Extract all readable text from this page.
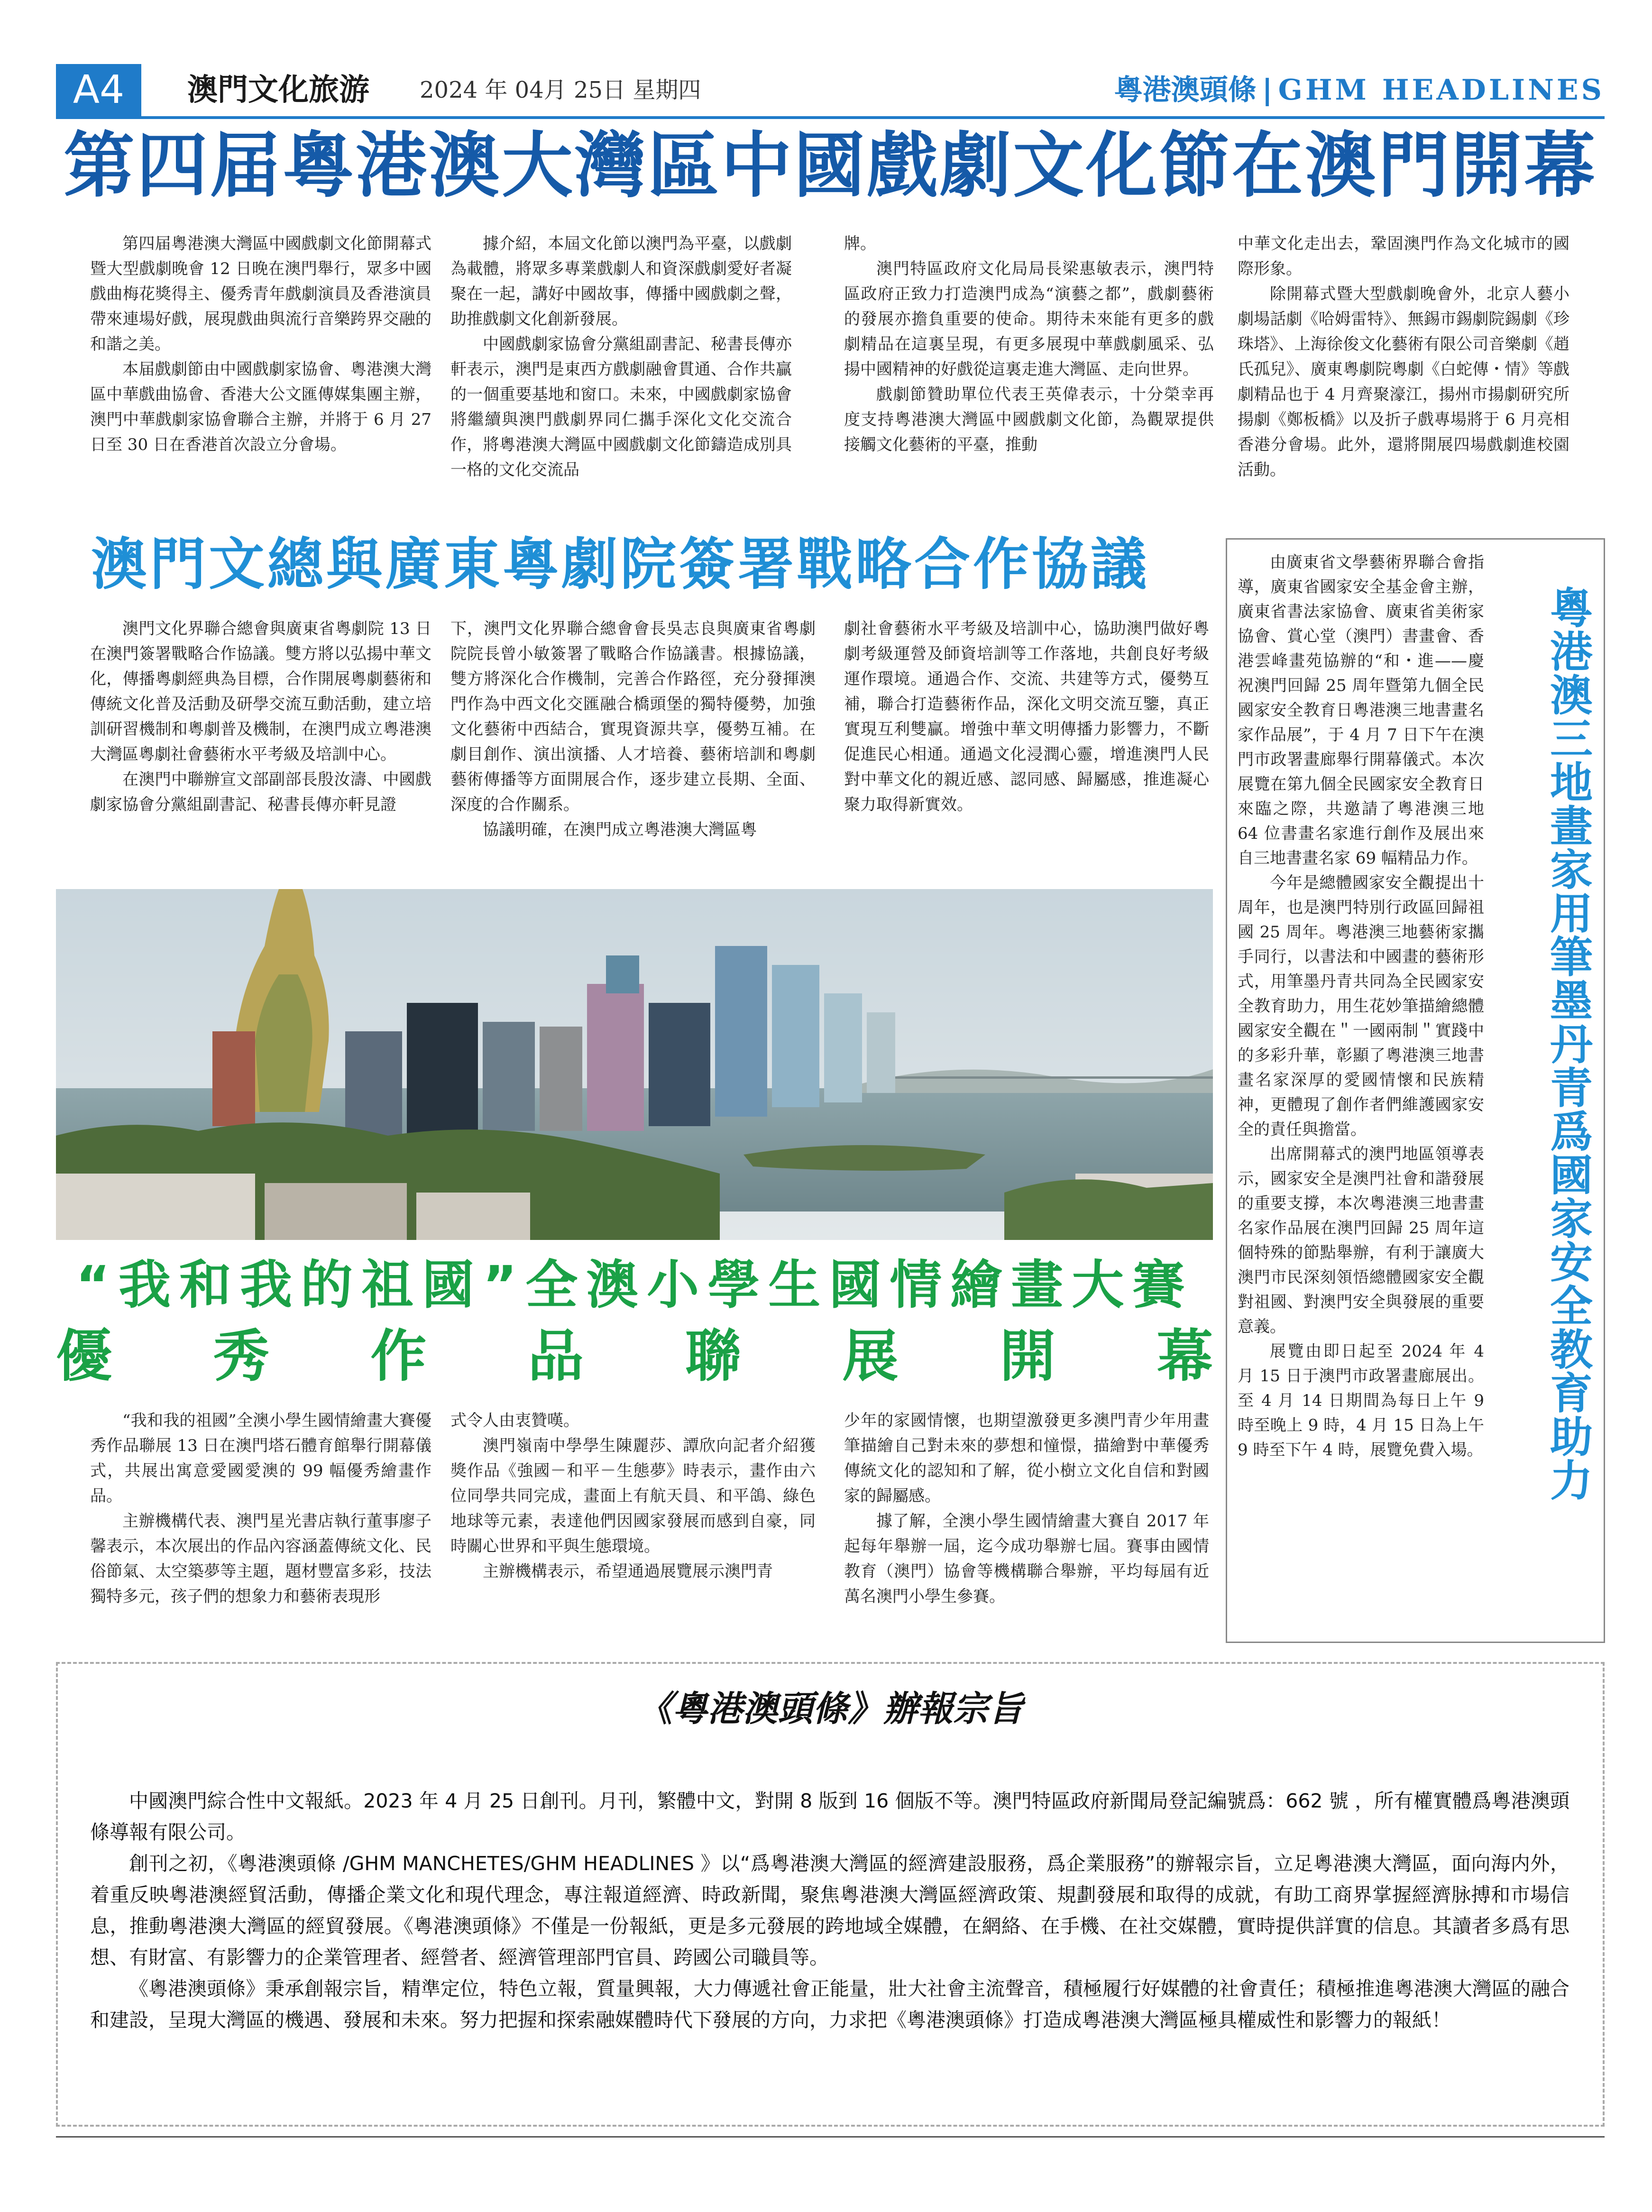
A4	澳門文化旅游 2024 年 04月 25日 星期四	粵港澳頭條 | GHM HEADLINES
第四届粵港澳大灣區中國戲劇文化節在澳門開幕

第四届粵港澳大灣區中國戲劇文化節開幕式暨大型戲劇晚會 12 日晚在澳門舉行，眾多中國戲曲梅花獎得主、優秀青年戲劇演員及香港演員帶來連場好戲，展現戲曲與流行音樂跨界交融的和諧之美。

本届戲劇節由中國戲劇家協會、粵港澳大灣區中華戲曲協會、香港大公文匯傳媒集團主辦，澳門中華戲劇家協會聯合主辦，并將于 6 月 27 日至 30 日在香港首次設立分會場。

據介紹，本屆文化節以澳門為平臺，以戲劇為載體，將眾多專業戲劇人和資深戲劇愛好者凝聚在一起，講好中國故事，傳播中國戲劇之聲，助推戲劇文化創新發展。

中國戲劇家協會分黨組副書記、秘書長傳亦軒表示，澳門是東西方戲劇融會貫通、合作共贏的一個重要基地和窗口。未來，中國戲劇家協會將繼續與澳門戲劇界同仁攜手深化文化交流合作，將粵港澳大灣區中國戲劇文化節鑄造成別具一格的文化交流品

牌。

澳門特區政府文化局局長梁惠敏表示，澳門特區政府正致力打造澳門成為“演藝之都”，戲劇藝術的發展亦擔負重要的使命。期待未來能有更多的戲劇精品在這裏呈現，有更多展現中華戲劇風采、弘揚中國精神的好戲從這裏走進大灣區、走向世界。

戲劇節贊助單位代表王英偉表示，十分榮幸再度支持粵港澳大灣區中國戲劇文化節，為觀眾提供接觸文化藝術的平臺，推動

中華文化走出去，鞏固澳門作為文化城市的國際形象。

除開幕式暨大型戲劇晚會外，北京人藝小劇場話劇《哈姆雷特》、無錫市錫劇院錫劇《珍珠塔》、上海徐俊文化藝術有限公司音樂劇《趙氏孤兒》、廣東粵劇院粵劇《白蛇傳・情》等戲劇精品也于 4 月齊聚濠江，揚州市揚劇研究所揚劇《鄭板橋》以及折子戲專場將于 6 月亮相香港分會場。此外，還將開展四場戲劇進校園活動。

澳門文總與廣東粵劇院簽署戰略合作協議

澳門文化界聯合總會與廣東省粵劇院 13 日在澳門簽署戰略合作協議。雙方將以弘揚中華文化，傳播粵劇經典為目標，合作開展粵劇藝術和傳統文化普及活動及研學交流互動活動，建立培訓研習機制和粵劇普及機制，在澳門成立粵港澳大灣區粵劇社會藝術水平考級及培訓中心。

在澳門中聯辦宣文部副部長殷汝濤、中國戲劇家協會分黨組副書記、秘書長傳亦軒見證

下，澳門文化界聯合總會會長吳志良與廣東省粵劇院院長曾小敏簽署了戰略合作協議書。根據協議，雙方將深化合作機制，完善合作路徑，充分發揮澳門作為中西文化交匯融合橋頭堡的獨特優勢，加強文化藝術中西結合，實現資源共享，優勢互補。在劇目創作、演出演播、人才培養、藝術培訓和粵劇藝術傳播等方面開展合作，逐步建立長期、全面、深度的合作關系。

協議明確，在澳門成立粵港澳大灣區粵

劇社會藝術水平考級及培訓中心，協助澳門做好粵劇考級運營及師資培訓等工作落地，共創良好考級運作環境。通過合作、交流、共建等方式，優勢互補，聯合打造藝術作品，深化文明交流互鑒，真正實現互利雙贏。增強中華文明傳播力影響力，不斷促進民心相通。通過文化浸潤心靈，增進澳門人民對中華文化的親近感、認同感、歸屬感，推進凝心聚力取得新實效。

“我和我的祖國”全澳小學生國情繪畫大賽
優 秀 作 品 聯 展 開 幕

“我和我的祖國”全澳小學生國情繪畫大賽優秀作品聯展 13 日在澳門塔石體育館舉行開幕儀式，共展出寓意愛國愛澳的 99 幅優秀繪畫作品。

主辦機構代表、澳門星光書店執行董事廖子馨表示，本次展出的作品內容涵蓋傳統文化、民俗節氣、太空築夢等主題，題材豐富多彩，技法獨特多元，孩子們的想象力和藝術表現形

式令人由衷贊嘆。

澳門嶺南中學學生陳麗莎、譚欣向記者介紹獲獎作品《強國－和平－生態夢》時表示，畫作由六位同學共同完成，畫面上有航天員、和平鴿、綠色地球等元素，表達他們因國家發展而感到自豪，同時關心世界和平與生態環境。

主辦機構表示，希望通過展覽展示澳門青

少年的家國情懷，也期望激發更多澳門青少年用畫筆描繪自己對未來的夢想和憧憬，描繪對中華優秀傳統文化的認知和了解，從小樹立文化自信和對國家的歸屬感。

據了解，全澳小學生國情繪畫大賽自 2017 年起每年舉辦一屆，迄今成功舉辦七屆。賽事由國情教育（澳門）協會等機構聯合舉辦，平均每屆有近萬名澳門小學生參賽。

由廣東省文學藝術界聯合會指導，廣東省國家安全基金會主辦，廣東省書法家協會、廣東省美術家協會、賞心堂（澳門）書畫會、香港雲峰畫苑協辦的“和・進——慶祝澳門回歸 25 周年暨第九個全民國家安全教育日粵港澳三地書畫名家作品展”，于 4 月 7 日下午在澳門市政署畫廊舉行開幕儀式。本次展覽在第九個全民國家安全教育日來臨之際，共邀請了粵港澳三地 64 位書畫名家進行創作及展出來自三地書畫名家 69 幅精品力作。

今年是總體國家安全觀提出十周年，也是澳門特別行政區回歸祖國 25 周年。粵港澳三地藝術家攜手同行，以書法和中國畫的藝術形式，用筆墨丹青共同為全民國家安全教育助力，用生花妙筆描繪總體國家安全觀在＂一國兩制＂實踐中的多彩升華，彰顯了粵港澳三地書畫名家深厚的愛國情懷和民族精神，更體現了創作者們維護國家安全的責任與擔當。

出席開幕式的澳門地區領導表示，國家安全是澳門社會和諧發展的重要支撐，本次粵港澳三地書畫名家作品展在澳門回歸 25 周年這個特殊的節點舉辦，有利于讓廣大澳門市民深刻領悟總體國家安全觀對祖國、對澳門安全與發展的重要意義。

展覽由即日起至 2024 年 4 月 15 日于澳門市政署畫廊展出。至 4 月 14 日期間為每日上午 9 時至晚上 9 時，4 月 15 日為上午 9 時至下午 4 時，展覽免費入場。 粵港澳三地畫家用筆墨丹青爲國家安全教育助力
《粵港澳頭條》辦報宗旨

中國澳門綜合性中文報紙。2023 年 4 月 25 日創刊。月刊，繁體中文，對開 8 版到 16 個版不等。澳門特區政府新聞局登記編號爲：662 號 ，所有權實體爲粵港澳頭條導報有限公司。

創刊之初，《粵港澳頭條 /GHM MANCHETES/GHM HEADLINES 》以“爲粵港澳大灣區的經濟建設服務，爲企業服務”的辦報宗旨，立足粵港澳大灣區，面向海内外，着重反映粵港澳經貿活動，傳播企業文化和現代理念，專注報道經濟、時政新聞，聚焦粵港澳大灣區經濟政策、規劃發展和取得的成就，有助工商界掌握經濟脉搏和市場信息，推動粵港澳大灣區的經貿發展。《粵港澳頭條》不僅是一份報紙，更是多元發展的跨地域全媒體，在網絡、在手機、在社交媒體，實時提供詳實的信息。其讀者多爲有思想、有財富、有影響力的企業管理者、經營者、經濟管理部門官員、跨國公司職員等。

《粵港澳頭條》秉承創報宗旨，精準定位，特色立報，質量興報，大力傳遞社會正能量，壯大社會主流聲音，積極履行好媒體的社會責任；積極推進粵港澳大灣區的融合和建設，呈現大灣區的機遇、發展和未來。努力把握和探索融媒體時代下發展的方向，力求把《粵港澳頭條》打造成粵港澳大灣區極具權威性和影響力的報紙！
